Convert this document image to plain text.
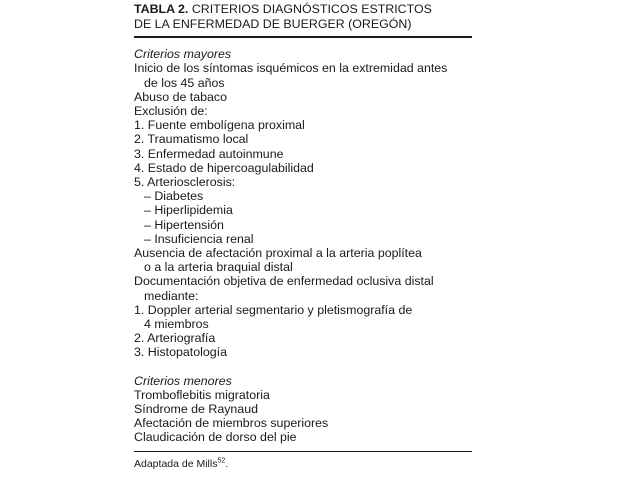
TABLA 2. CRITERIOS DIAGNÓSTICOS ESTRICTOS
DE LA ENFERMEDAD DE BUERGER (OREGÓN)
Criterios mayores
Inicio de los síntomas isquémicos en la extremidad antes
de los 45 años
Abuso de tabaco
Exclusión de:
1. Fuente embolígena proximal
2. Traumatismo local
3. Enfermedad autoinmune
4. Estado de hipercoagulabilidad
5. Arteriosclerosis:
– Diabetes
– Hiperlipidemia
– Hipertensión
– Insuficiencia renal
Ausencia de afectación proximal a la arteria poplítea
o a la arteria braquial distal
Documentación objetiva de enfermedad oclusiva distal
mediante:
1. Doppler arterial segmentario y pletismografía de
4 miembros
2. Arteriografía
3. Histopatología
Criterios menores
Tromboflebitis migratoria
Síndrome de Raynaud
Afectación de miembros superiores
Claudicación de dorso del pie
Adaptada de Mills$^{52}$.
